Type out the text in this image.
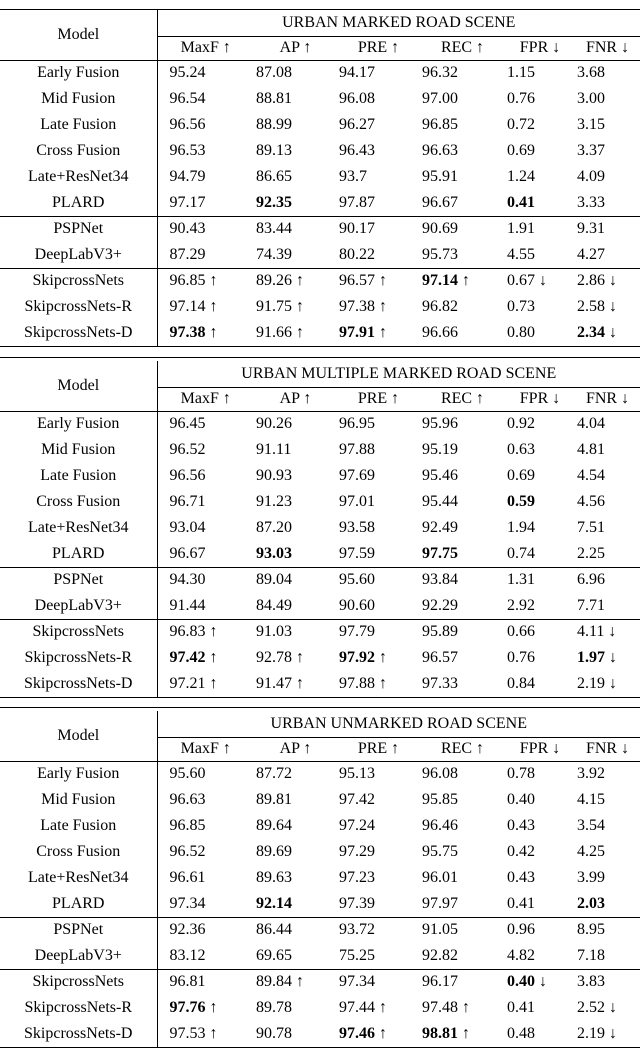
Model	URBAN MARKED ROAD SCENE					
	MaxF ↑	AP ↑	PRE ↑	REC ↑	FPR ↓	FNR ↓
Early Fusion	95.24	87.08	94.17	96.32	1.15	3.68
Mid Fusion	96.54	88.81	96.08	97.00	0.76	3.00
Late Fusion	96.56	88.99	96.27	96.85	0.72	3.15
Cross Fusion	96.53	89.13	96.43	96.63	0.69	3.37
Late+ResNet34	94.79	86.65	93.7	95.91	1.24	4.09
PLARD	97.17	92.35	97.87	96.67	0.41	3.33
PSPNet	90.43	83.44	90.17	90.69	1.91	9.31
DeepLabV3+	87.29	74.39	80.22	95.73	4.55	4.27
SkipcrossNets	96.85 ↑	89.26 ↑	96.57 ↑	97.14 ↑	0.67 ↓	2.86 ↓
SkipcrossNets-R	97.14 ↑	91.75 ↑	97.38 ↑	96.82	0.73	2.58 ↓
SkipcrossNets-D	97.38 ↑	91.66 ↑	97.91 ↑	96.66	0.80	2.34 ↓
Model	URBAN MULTIPLE MARKED ROAD SCENE					
	MaxF ↑	AP ↑	PRE ↑	REC ↑	FPR ↓	FNR ↓
Early Fusion	96.45	90.26	96.95	95.96	0.92	4.04
Mid Fusion	96.52	91.11	97.88	95.19	0.63	4.81
Late Fusion	96.56	90.93	97.69	95.46	0.69	4.54
Cross Fusion	96.71	91.23	97.01	95.44	0.59	4.56
Late+ResNet34	93.04	87.20	93.58	92.49	1.94	7.51
PLARD	96.67	93.03	97.59	97.75	0.74	2.25
PSPNet	94.30	89.04	95.60	93.84	1.31	6.96
DeepLabV3+	91.44	84.49	90.60	92.29	2.92	7.71
SkipcrossNets	96.83 ↑	91.03	97.79	95.89	0.66	4.11 ↓
SkipcrossNets-R	97.42 ↑	92.78 ↑	97.92 ↑	96.57	0.76	1.97 ↓
SkipcrossNets-D	97.21 ↑	91.47 ↑	97.88 ↑	97.33	0.84	2.19 ↓
Model	URBAN UNMARKED ROAD SCENE					
	MaxF ↑	AP ↑	PRE ↑	REC ↑	FPR ↓	FNR ↓
Early Fusion	95.60	87.72	95.13	96.08	0.78	3.92
Mid Fusion	96.63	89.81	97.42	95.85	0.40	4.15
Late Fusion	96.85	89.64	97.24	96.46	0.43	3.54
Cross Fusion	96.52	89.69	97.29	95.75	0.42	4.25
Late+ResNet34	96.61	89.63	97.23	96.01	0.43	3.99
PLARD	97.34	92.14	97.39	97.97	0.41	2.03
PSPNet	92.36	86.44	93.72	91.05	0.96	8.95
DeepLabV3+	83.12	69.65	75.25	92.82	4.82	7.18
SkipcrossNets	96.81	89.84 ↑	97.34	96.17	0.40 ↓	3.83
SkipcrossNets-R	97.76 ↑	89.78	97.44 ↑	97.48 ↑	0.41	2.52 ↓
SkipcrossNets-D	97.53 ↑	90.78	97.46 ↑	98.81 ↑	0.48	2.19 ↓
